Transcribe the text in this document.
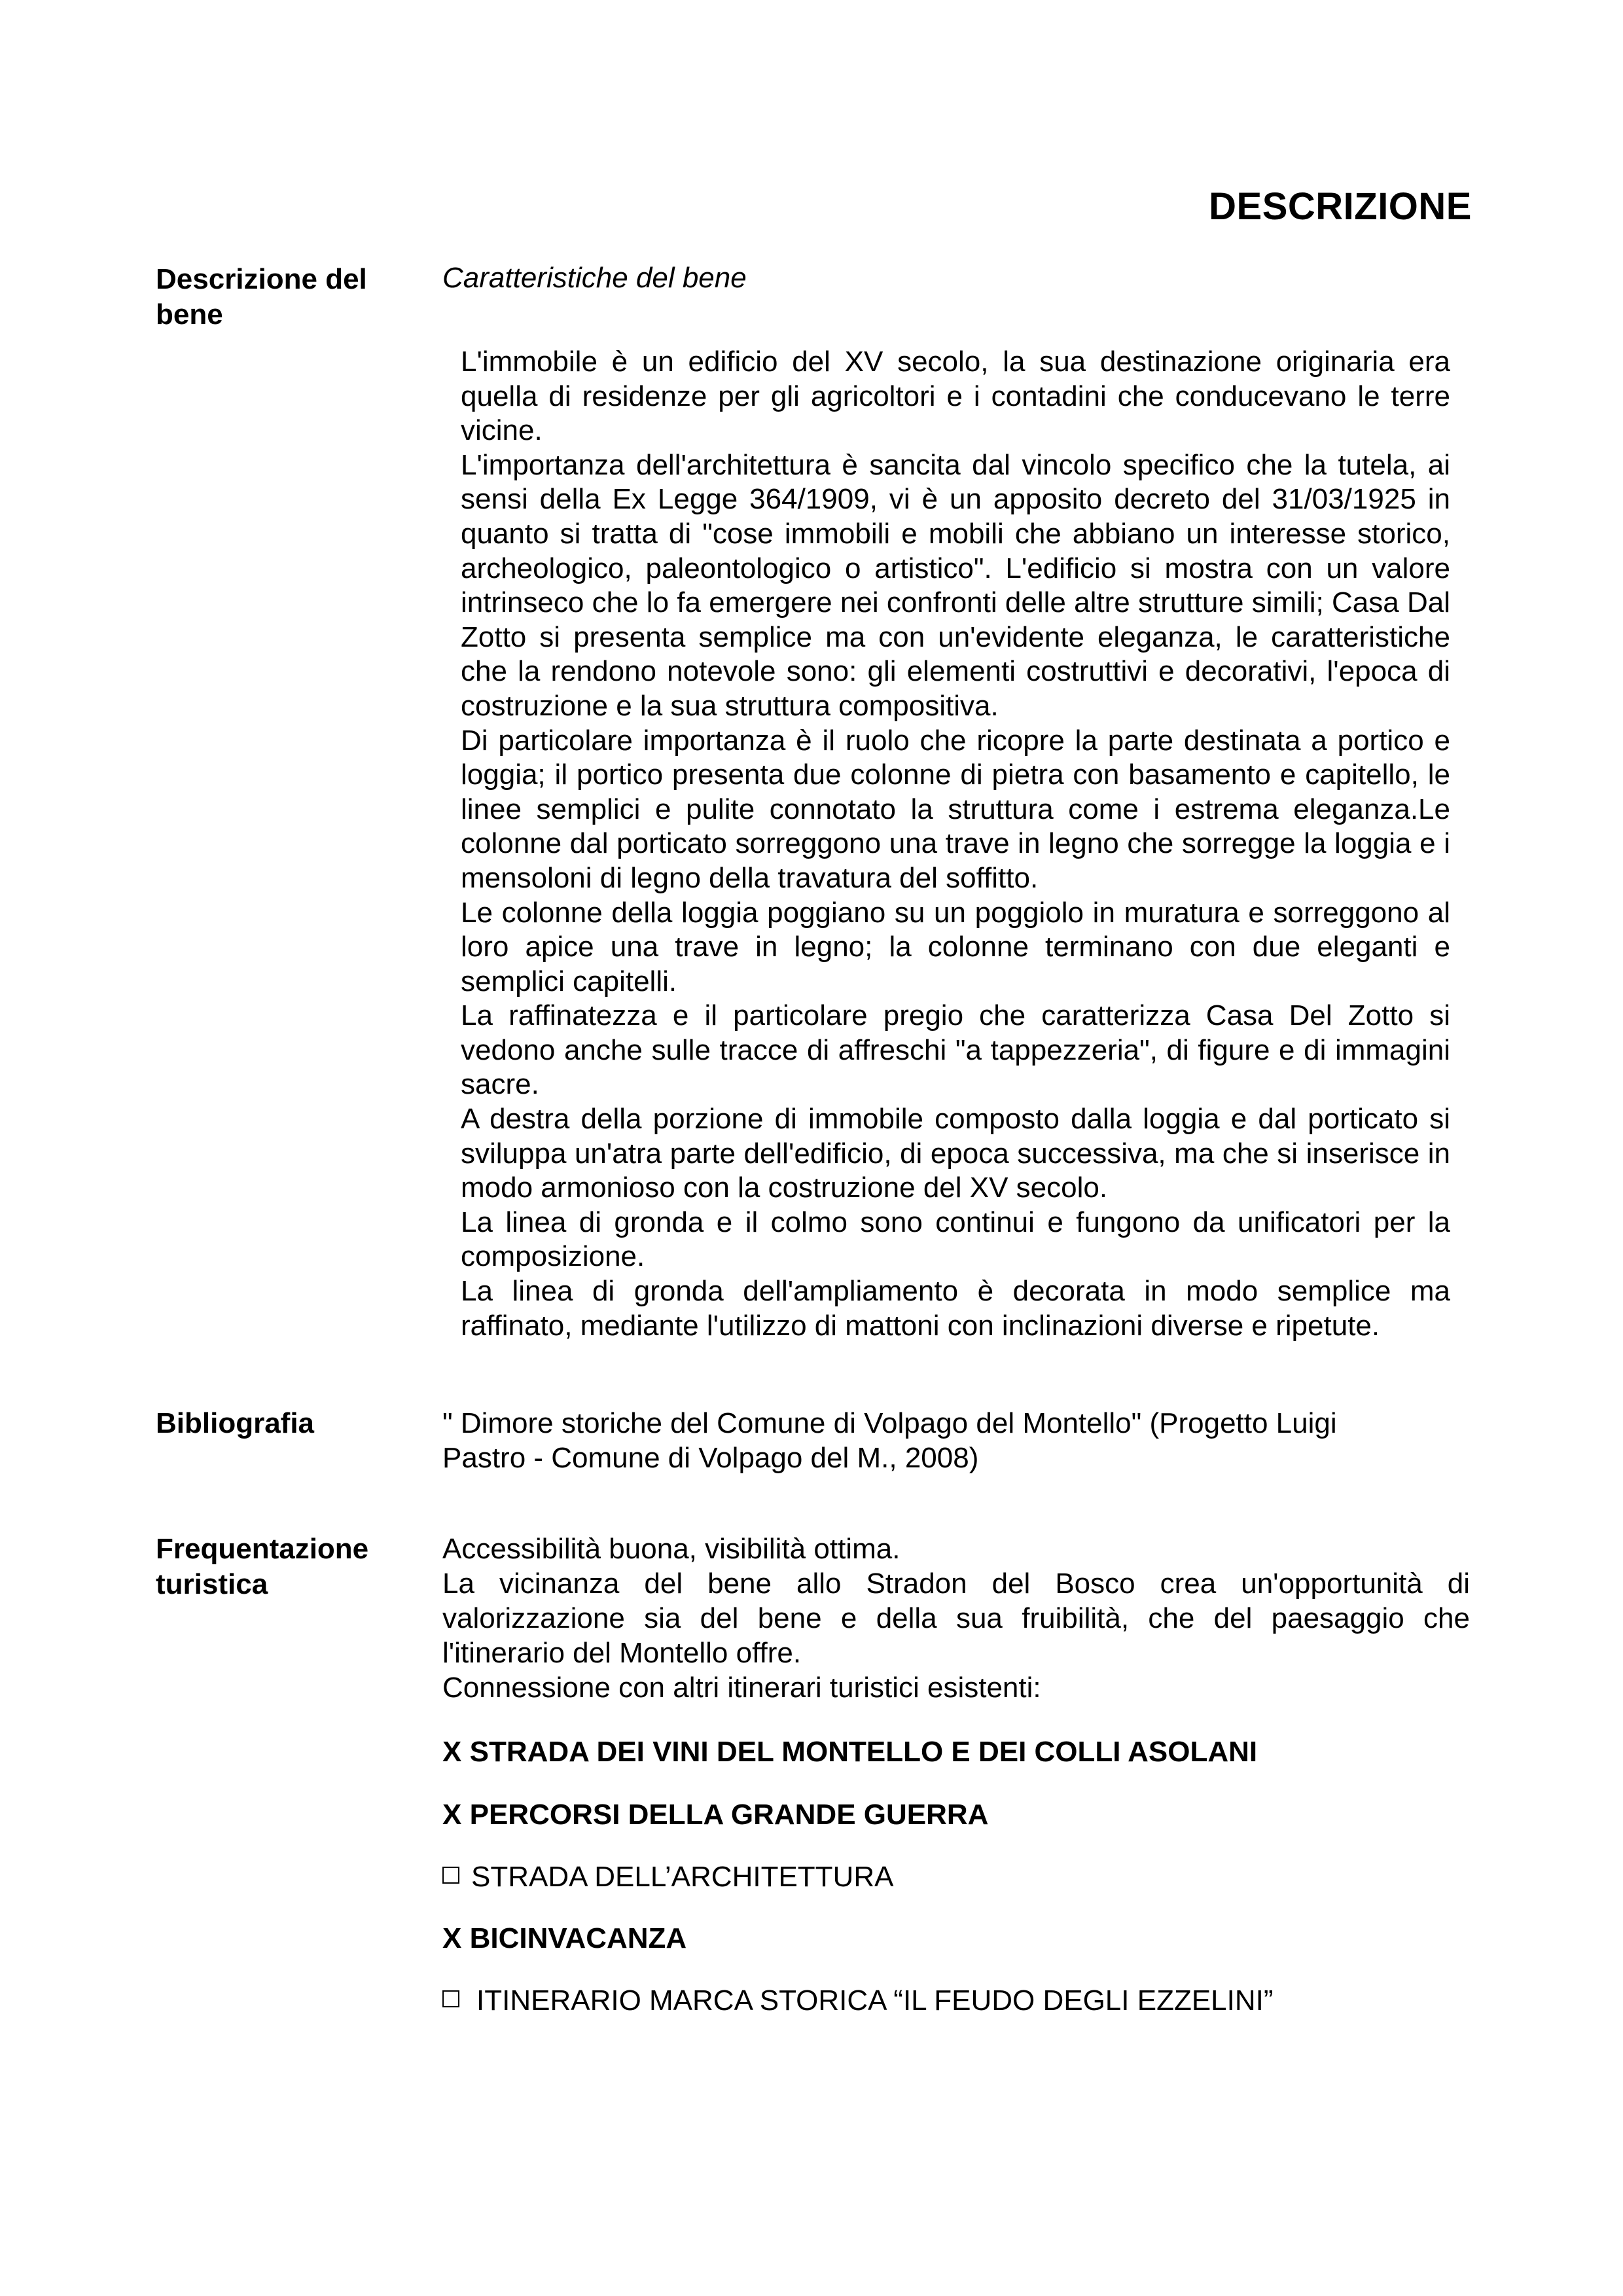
DESCRIZIONE
Descrizione del bene
Caratteristiche del bene

L'immobile è un edificio del XV secolo, la sua destinazione originaria era quella di residenze per gli agricoltori e i contadini che conducevano le terre vicine.

L'importanza dell'architettura è sancita dal vincolo specifico che la tutela, ai sensi della Ex Legge 364/1909, vi è un apposito decreto del 31/03/1925 in quanto si tratta di "cose immobili e mobili che abbiano un interesse storico, archeologico, paleontologico o artistico". L'edificio si mostra con un valore intrinseco che lo fa emergere nei confronti delle altre strutture simili; Casa Dal Zotto si presenta semplice ma con un'evidente eleganza, le caratteristiche che la rendono notevole sono: gli elementi costruttivi e decorativi, l'epoca di costruzione e la sua struttura compositiva.

Di particolare importanza è il ruolo che ricopre la parte destinata a portico e loggia; il portico presenta due colonne di pietra con basamento e capitello, le linee semplici e pulite connotato la struttura come i estrema eleganza.Le colonne dal porticato sorreggono una trave in legno che sorregge la loggia e i mensoloni di legno della travatura del soffitto.

Le colonne della loggia poggiano su un poggiolo in muratura e sorreggono al loro apice una trave in legno; la colonne terminano con due eleganti e semplici capitelli.

La raffinatezza e il particolare pregio che caratterizza Casa Del Zotto si vedono anche sulle tracce di affreschi "a tappezzeria", di figure e di immagini sacre.

A destra della porzione di immobile composto dalla loggia e dal porticato si sviluppa un'atra parte dell'edificio, di epoca successiva, ma che si inserisce in modo armonioso con la costruzione del XV secolo.

La linea di gronda e il colmo sono continui e fungono da unificatori per la composizione.

La linea di gronda dell'ampliamento è decorata in modo semplice ma raffinato, mediante l'utilizzo di mattoni con inclinazioni diverse e ripetute.

Bibliografia	" Dimore storiche del Comune di Volpago del Montello" (Progetto Luigi
Pastro - Comune di Volpago del M., 2008)
Frequentazione turistica

Accessibilità buona, visibilità ottima.

La vicinanza del bene allo Stradon del Bosco crea un'opportunità di valorizzazione sia del bene e della sua fruibilità, che del paesaggio che l'itinerario del Montello offre.

Connessione con altri itinerari turistici esistenti:

X STRADA DEI VINI DEL MONTELLO E DEI COLLI ASOLANI
X PERCORSI DELLA GRANDE GUERRA
STRADA DELL’ARCHITETTURA
X BICINVACANZA
ITINERARIO MARCA STORICA “IL FEUDO DEGLI EZZELINI”
